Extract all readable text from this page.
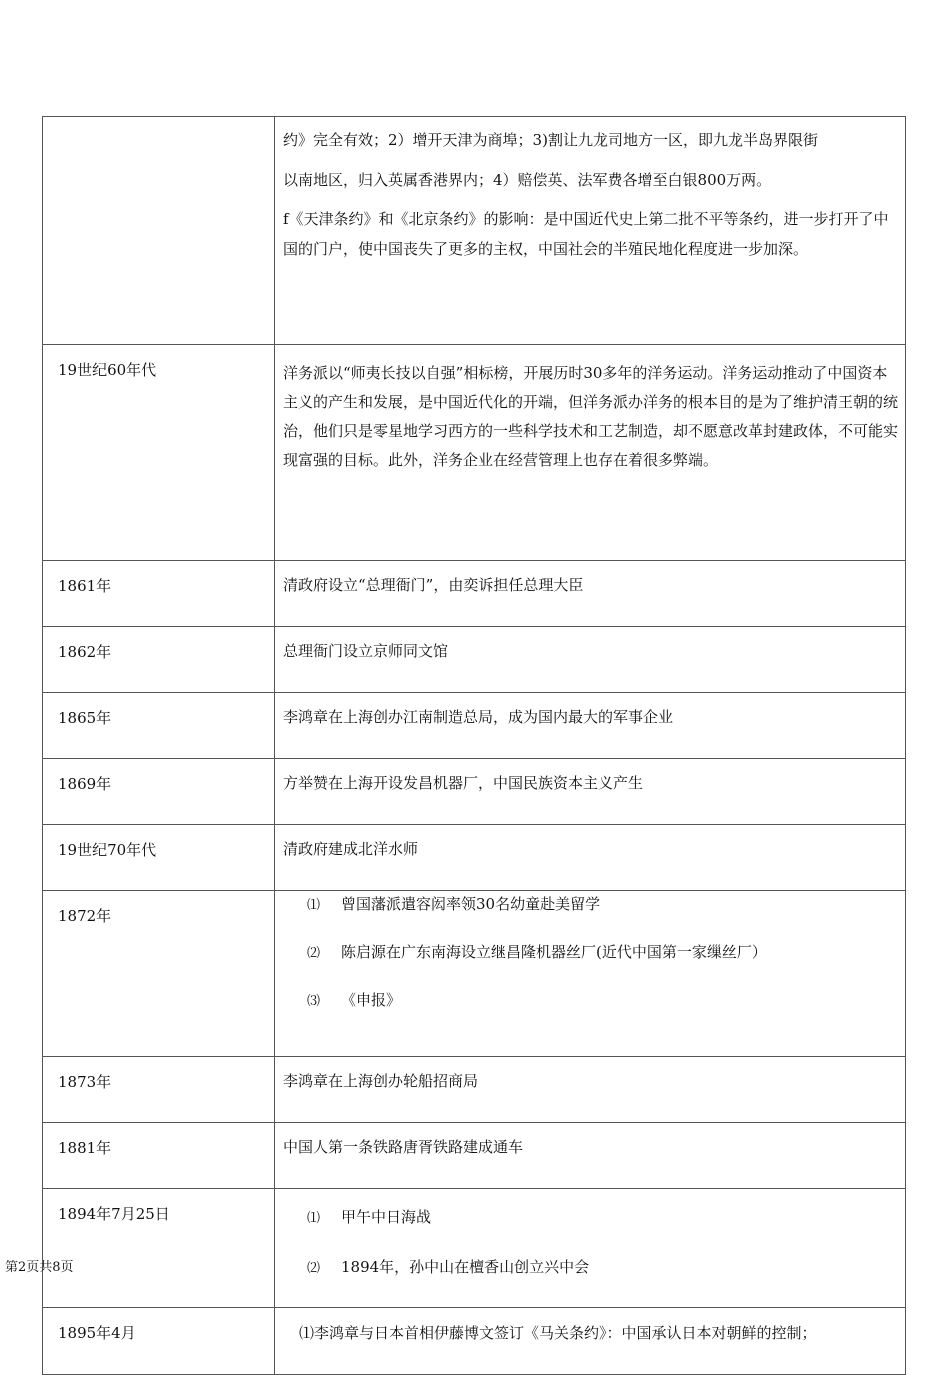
	约》完全有效；2）增开天津为商埠；3)割让九龙司地方一区，即九龙半岛界限街

以南地区，归入英属香港界内；4）赔偿英、法军费各增至白银800万两。

f《天津条约》和《北京条约》的影响：是中国近代史上第二批不平等条约，进一步打开了中国的门户，使中国丧失了更多的主权，中国社会的半殖民地化程度进一步加深。

19世纪60年代	洋务派以“师夷长技以自强”相标榜，开展历时30多年的洋务运动。洋务运动推动了中国资本主义的产生和发展，是中国近代化的开端，但洋务派办洋务的根本目的是为了维护清王朝的统治，他们只是零星地学习西方的一些科学技术和工艺制造，却不愿意改革封建政体，不可能实现富强的目标。此外，洋务企业在经营管理上也存在着很多弊端。
1861年	清政府设立“总理衙门”，由奕诉担任总理大臣
1862年	总理衙门设立京师同文馆
1865年	李鸿章在上海创办江南制造总局，成为国内最大的军事企业
1869年	方举赞在上海开设发昌机器厂，中国民族资本主义产生
19世纪70年代	清政府建成北洋水师
1872年	⑴ 曾国藩派遣容闳率领30名幼童赴美留学
⑵ 陈启源在广东南海设立继昌隆机器丝厂(近代中国第一家缫丝厂）
⑶ 《申报》

1873年	李鸿章在上海创办轮船招商局
1881年	中国人第一条铁路唐胥铁路建成通车
1894年7月25日	⑴ 甲午中日海战
⑵ 1894年，孙中山在檀香山创立兴中会

1895年4月	⑴李鸿章与日本首相伊藤博文签订《马关条约》：中国承认日本对朝鲜的控制；
第2页共8页
